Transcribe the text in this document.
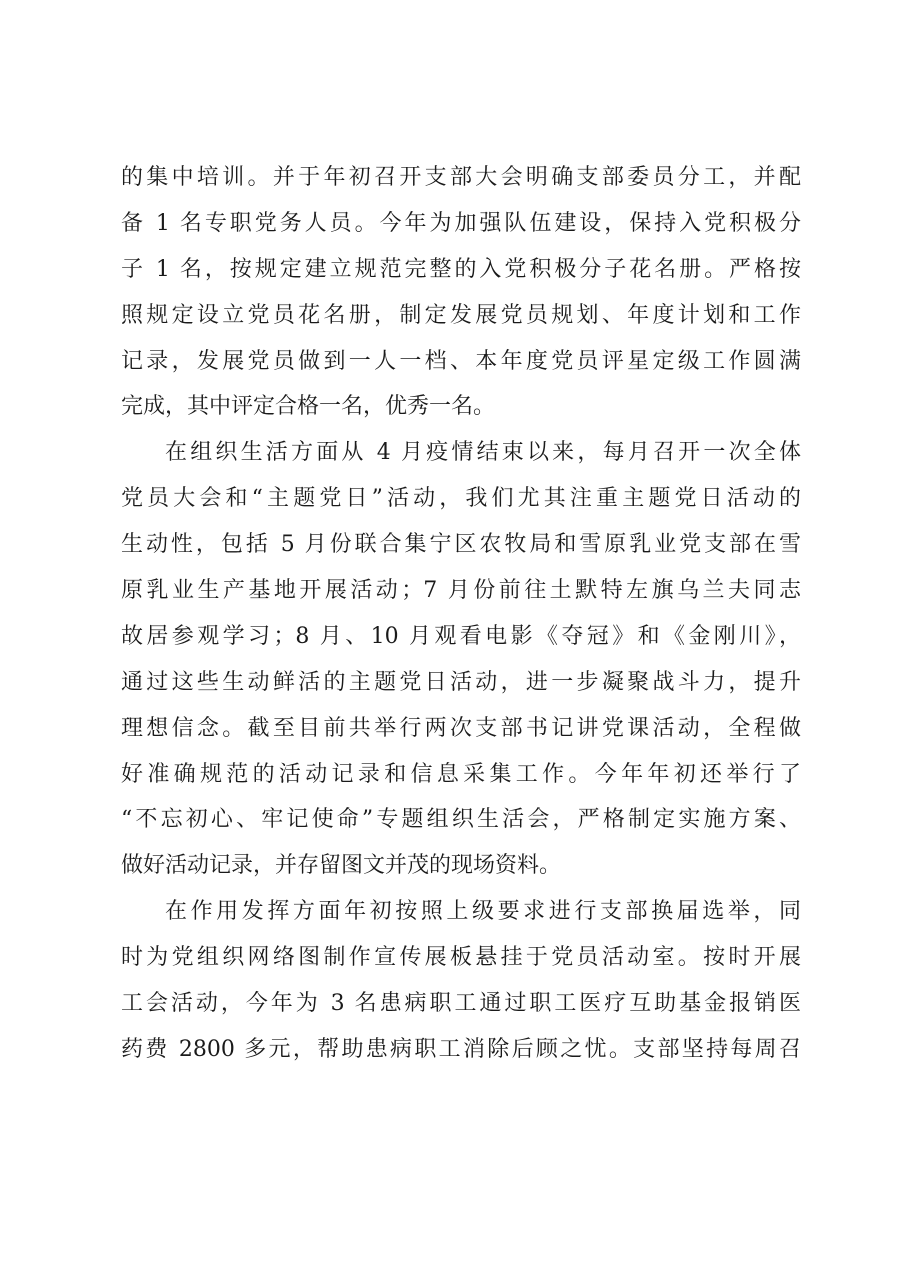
的集中培训。并于年初召开支部大会明确支部委员分工，并配
备 1 名专职党务人员。今年为加强队伍建设，保持入党积极分
子 1 名，按规定建立规范完整的入党积极分子花名册。严格按
照规定设立党员花名册，制定发展党员规划、年度计划和工作
记录，发展党员做到一人一档、本年度党员评星定级工作圆满
完成，其中评定合格一名，优秀一名。
在组织生活方面从 4 月疫情结束以来，每月召开一次全体
党员大会和“主题党日”活动，我们尤其注重主题党日活动的
生动性，包括 5 月份联合集宁区农牧局和雪原乳业党支部在雪
原乳业生产基地开展活动；7 月份前往土默特左旗乌兰夫同志
故居参观学习；8 月、10 月观看电影《夺冠》和《金刚川》，
通过这些生动鲜活的主题党日活动，进一步凝聚战斗力，提升
理想信念。截至目前共举行两次支部书记讲党课活动，全程做
好准确规范的活动记录和信息采集工作。今年年初还举行了
“不忘初心、牢记使命”专题组织生活会，严格制定实施方案、
做好活动记录，并存留图文并茂的现场资料。
在作用发挥方面年初按照上级要求进行支部换届选举，同
时为党组织网络图制作宣传展板悬挂于党员活动室。按时开展
工会活动，今年为 3 名患病职工通过职工医疗互助基金报销医
药费 2800 多元，帮助患病职工消除后顾之忧。支部坚持每周召
